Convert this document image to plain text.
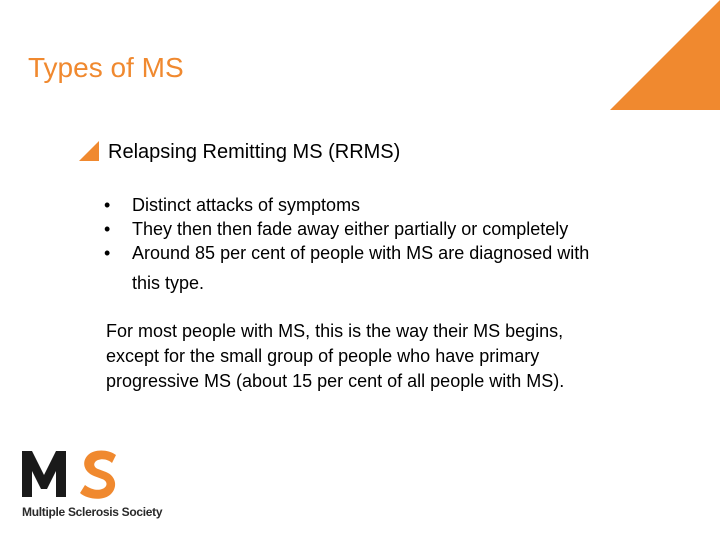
Types of MS
Relapsing Remitting MS (RRMS)
• Distinct attacks of symptoms
• They then then fade away either partially or completely
• Around 85 per cent of people with MS are diagnosed with
this type.

For most people with MS, this is the way their MS begins,
except for the small group of people who have primary
progressive MS (about 15 per cent of all people with MS).

Multiple Sclerosis Society
